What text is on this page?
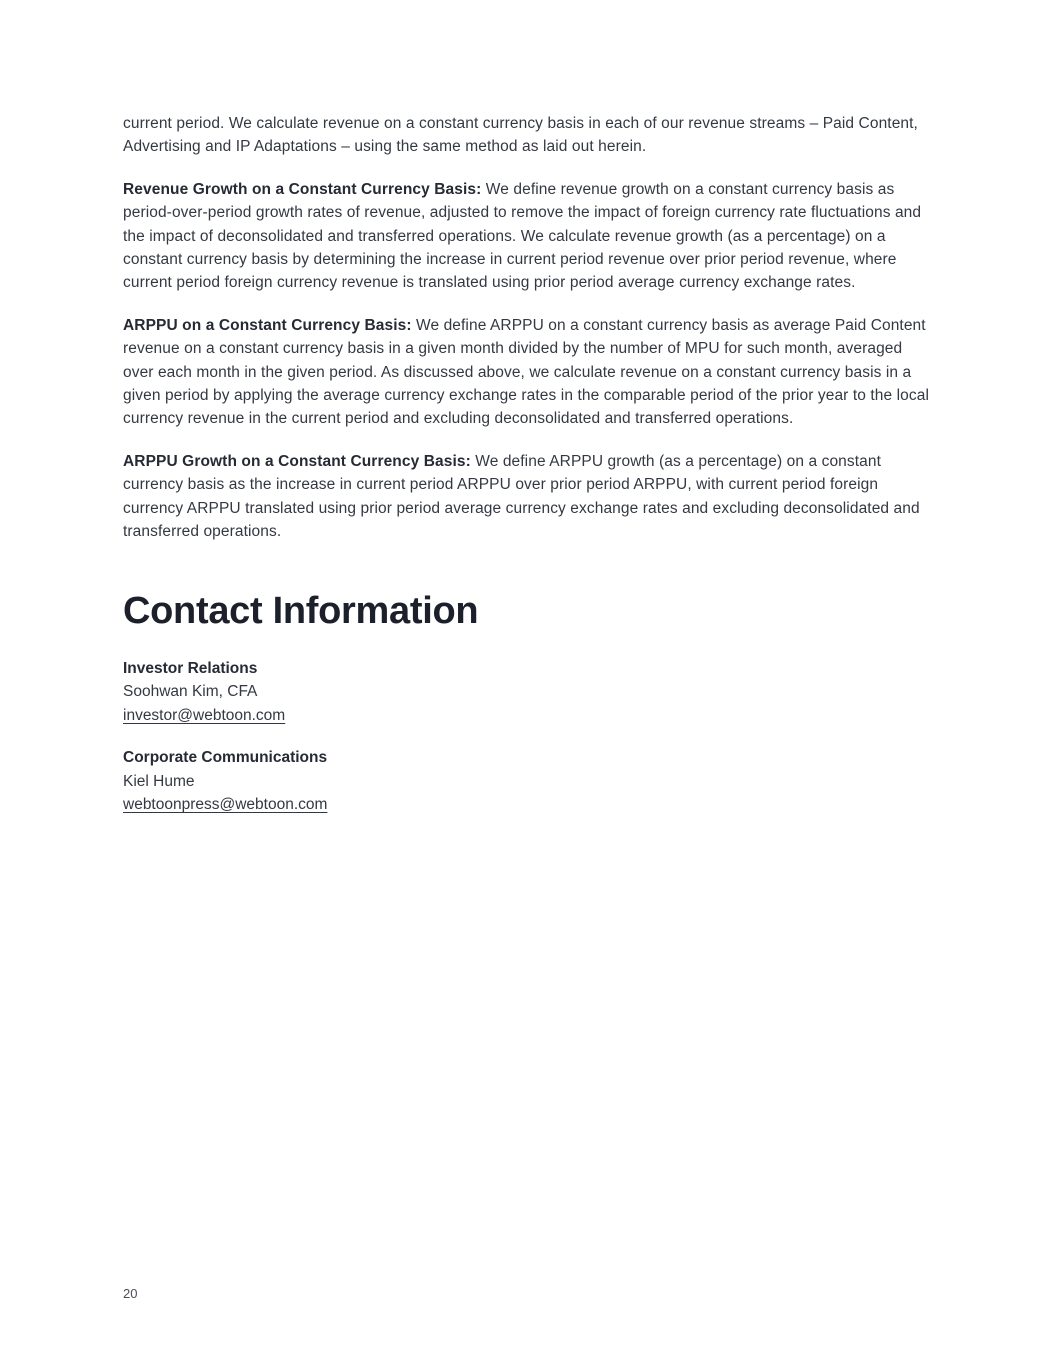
current period. We calculate revenue on a constant currency basis in each of our revenue streams – Paid Content, Advertising and IP Adaptations – using the same method as laid out herein.

Revenue Growth on a Constant Currency Basis: We define revenue growth on a constant currency basis as period-over-period growth rates of revenue, adjusted to remove the impact of foreign currency rate fluctuations and the impact of deconsolidated and transferred operations. We calculate revenue growth (as a percentage) on a constant currency basis by determining the increase in current period revenue over prior period revenue, where current period foreign currency revenue is translated using prior period average currency exchange rates.

ARPPU on a Constant Currency Basis: We define ARPPU on a constant currency basis as average Paid Content revenue on a constant currency basis in a given month divided by the number of MPU for such month, averaged over each month in the given period. As discussed above, we calculate revenue on a constant currency basis in a given period by applying the average currency exchange rates in the comparable period of the prior year to the local currency revenue in the current period and excluding deconsolidated and transferred operations.

ARPPU Growth on a Constant Currency Basis: We define ARPPU growth (as a percentage) on a constant currency basis as the increase in current period ARPPU over prior period ARPPU, with current period foreign currency ARPPU translated using prior period average currency exchange rates and excluding deconsolidated and transferred operations.

Contact Information
Investor Relations
Soohwan Kim, CFA
investor@webtoon.com
Corporate Communications
Kiel Hume
webtoonpress@webtoon.com
20
